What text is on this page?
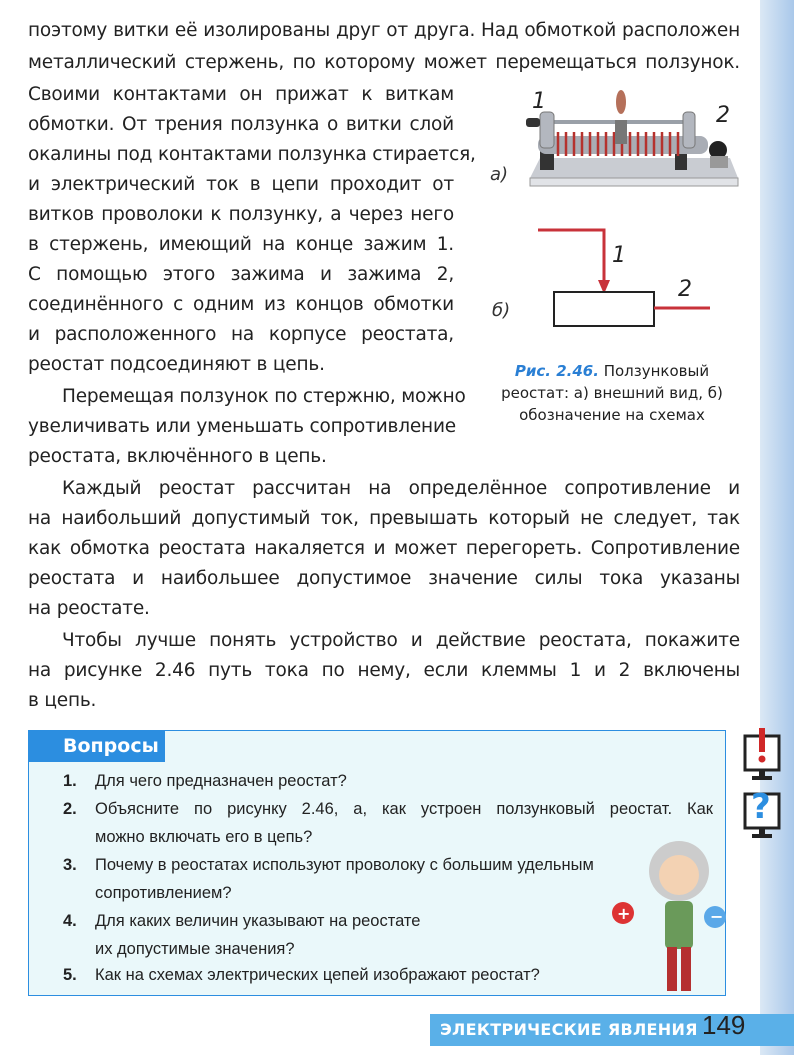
поэтому витки её изолированы друг от друга. Над обмоткой расположен
металлический стержень, по которому может перемещаться ползунок.
Своими контактами он прижат к виткам
обмотки. От трения ползунка о витки слой
окалины под контактами ползунка стирается,
и электрический ток в цепи проходит от
витков проволоки к ползунку, а через него
в стержень, имеющий на конце зажим 1.
С помощью этого зажима и зажима 2,
соединённого с одним из концов обмотки
и расположенного на корпусе реостата,
реостат подсоединяют в цепь.
Перемещая ползунок по стержню, можно
увеличивать или уменьшать сопротивление
реостата, включённого в цепь.
Каждый реостат рассчитан на определённое сопротивление и
на наибольший допустимый ток, превышать который не следует, так
как обмотка реостата накаляется и может перегореть. Сопротивление
реостата и наибольшее допустимое значение силы тока указаны
на реостате.
Чтобы лучше понять устройство и действие реостата, покажите
на рисунке 2.46 путь тока по нему, если клеммы 1 и 2 включены
в цепь.
1
2
а)
1
2
б)
Рис. 2.46. Ползунковый реостат: а) внешний вид, б) обозначение на схемах
Вопросы
1. Для чего предназначен реостат?
2. Объясните по рисунку 2.46, а, как устроен ползунковый реостат. Как
можно включать его в цепь?
3. Почему в реостатах используют проволоку с большим удельным
сопротивлением?
4. Для каких величин указывают на реостате
их допустимые значения?
5. Как на схемах электрических цепей изображают реостат?
+	−
?
ЭЛЕКТРИЧЕСКИЕ ЯВЛЕНИЯ 149
